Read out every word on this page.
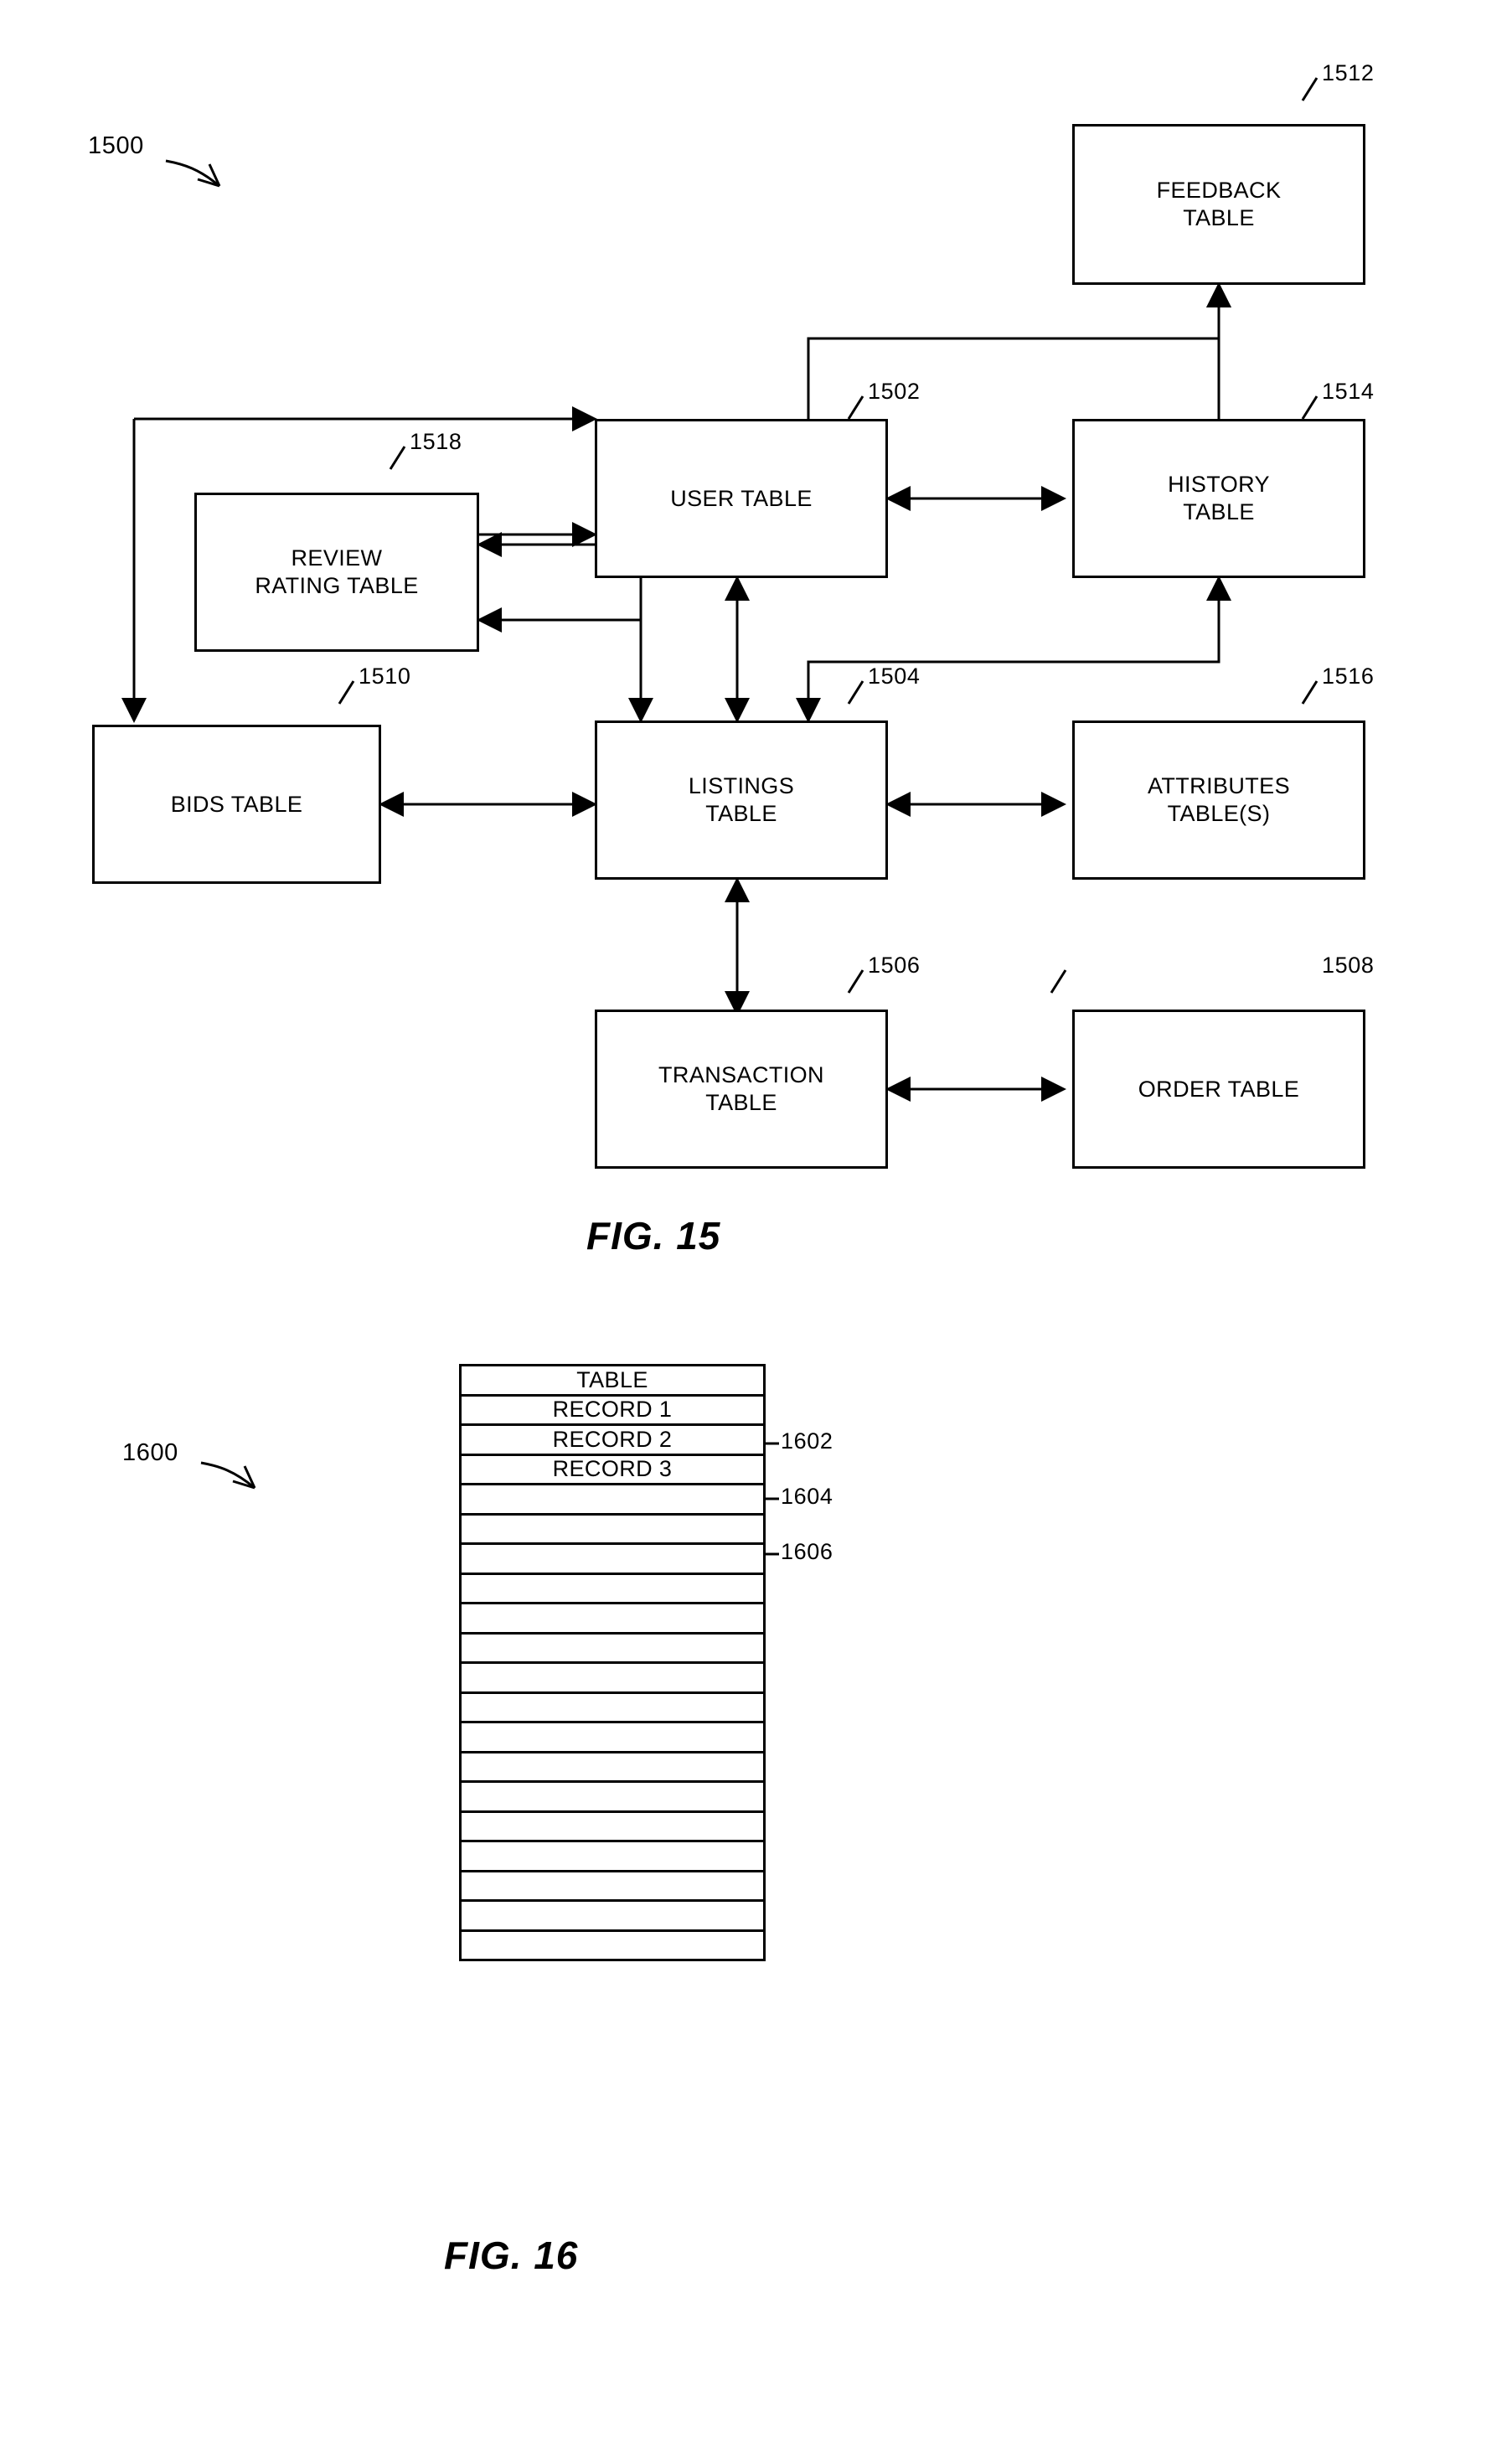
FEEDBACK
TABLE
1512
USER TABLE
1502
HISTORY
TABLE
1514
REVIEW
RATING TABLE
1518
BIDS TABLE
1510
LISTINGS
TABLE
1504
ATTRIBUTES
TABLE(S)
1516
TRANSACTION
TABLE
1506
ORDER TABLE
1508
1500
FIG. 15
1600
TABLE
RECORD 1
RECORD 2
RECORD 3
1602
1604
1606
FIG. 16
